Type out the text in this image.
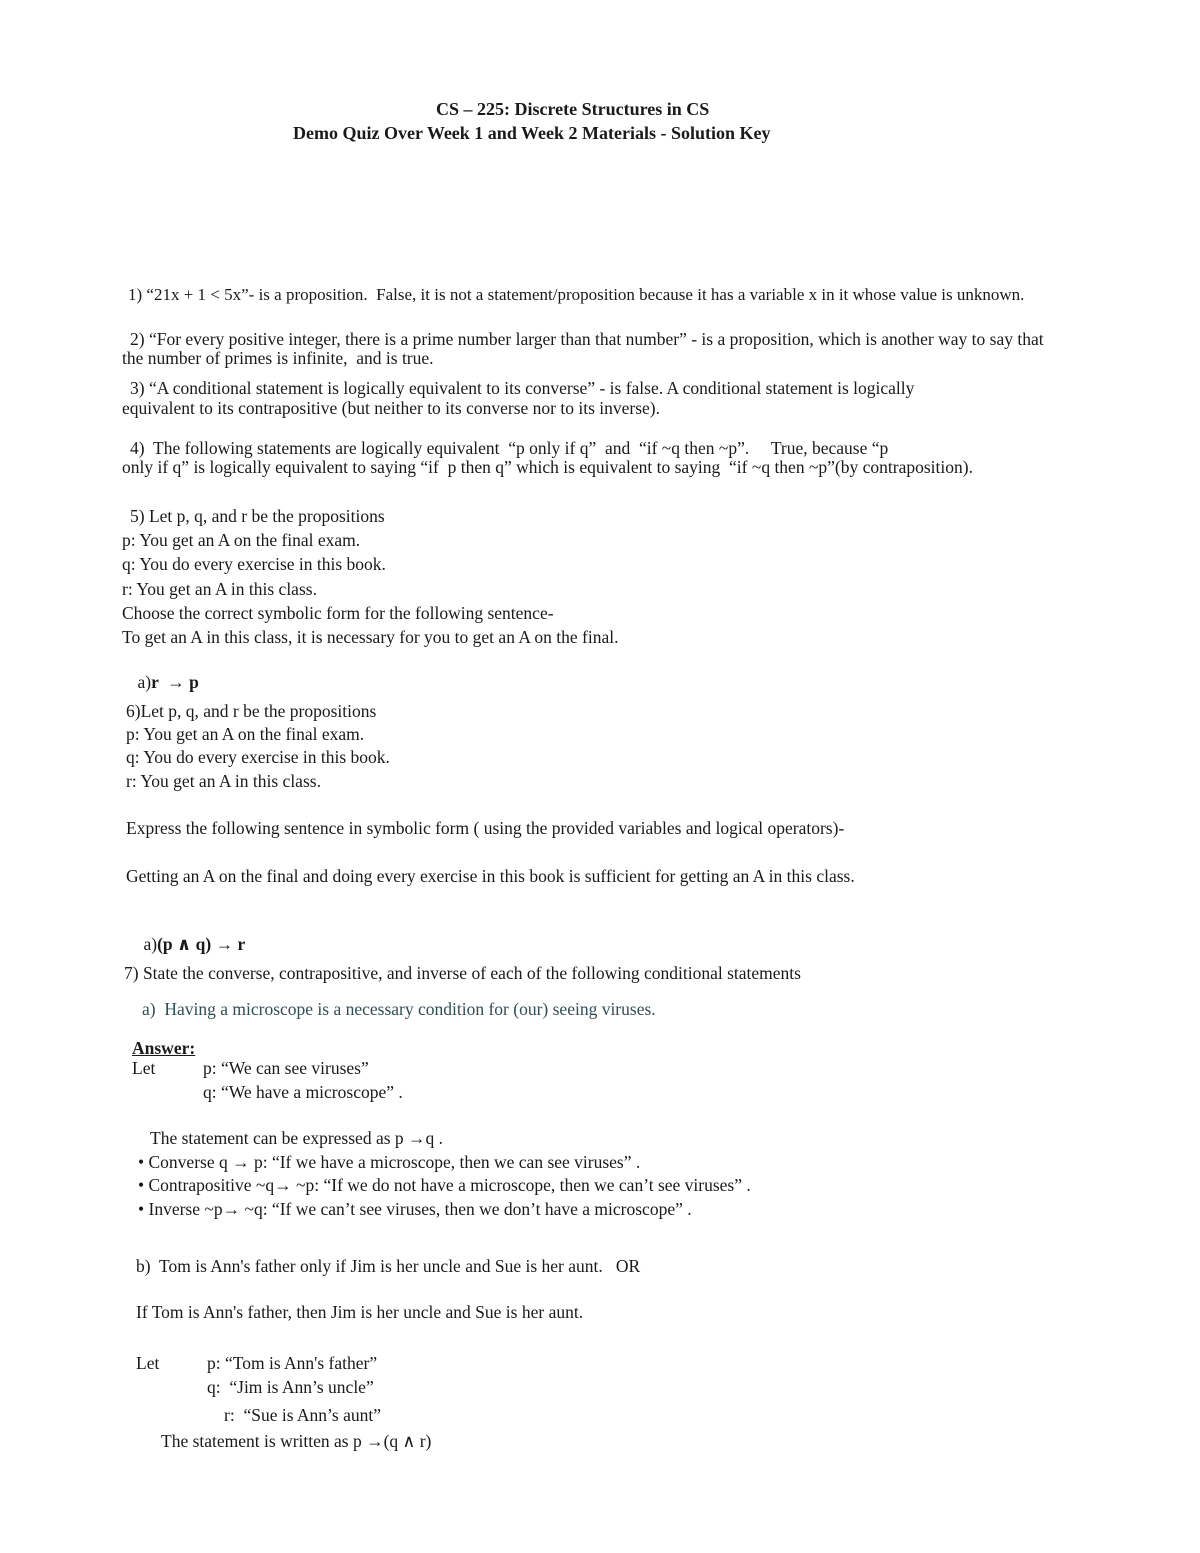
CS – 225: Discrete Structures in CS
Demo Quiz Over Week 1 and Week 2 Materials - Solution Key
1) “21x + 1 < 5x”- is a proposition.  False, it is not a statement/proposition because it has a variable x in it whose value is unknown.
2) “For every positive integer, there is a prime number larger than that number” - is a proposition, which is another way to say that
the number of primes is infinite,  and is true.
3) “A conditional statement is logically equivalent to its converse” - is false. A conditional statement is logically
equivalent to its contrapositive (but neither to its converse nor to its inverse).
4)  The following statements are logically equivalent  “p only if q”  and  “if ~q then ~p”.     True, because “p
only if q” is logically equivalent to saying “if  p then q” which is equivalent to saying  “if ~q then ~p”(by contraposition).
5) Let p, q, and r be the propositions
p: You get an A on the final exam.
q: You do every exercise in this book.
r: You get an A in this class.
Choose the correct symbolic form for the following sentence-
To get an A in this class, it is necessary for you to get an A on the final.

a)r  → p

6)Let p, q, and r be the propositions
p: You get an A on the final exam.
q: You do every exercise in this book.
r: You get an A in this class.
Express the following sentence in symbolic form ( using the provided variables and logical operators)-
Getting an A on the final and doing every exercise in this book is sufficient for getting an A in this class.

a)(p ∧ q) → r

7) State the converse, contrapositive, and inverse of each of the following conditional statements
a)  Having a microscope is a necessary condition for (our) seeing viruses.
Answer:
Let	p: “We can see viruses”
q: “We have a microscope” .
The statement can be expressed as p →q .
• Converse q → p: “If we have a microscope, then we can see viruses” .
• Contrapositive ~q→ ~p: “If we do not have a microscope, then we can’t see viruses” .
• Inverse ~p→ ~q: “If we can’t see viruses, then we don’t have a microscope” .
b)  Tom is Ann's father only if Jim is her uncle and Sue is her aunt.   OR
If Tom is Ann's father, then Jim is her uncle and Sue is her aunt.
Let	p: “Tom is Ann's father”
q:  “Jim is Ann’s uncle”
r:  “Sue is Ann’s aunt”
The statement is written as p →(q ∧ r)
